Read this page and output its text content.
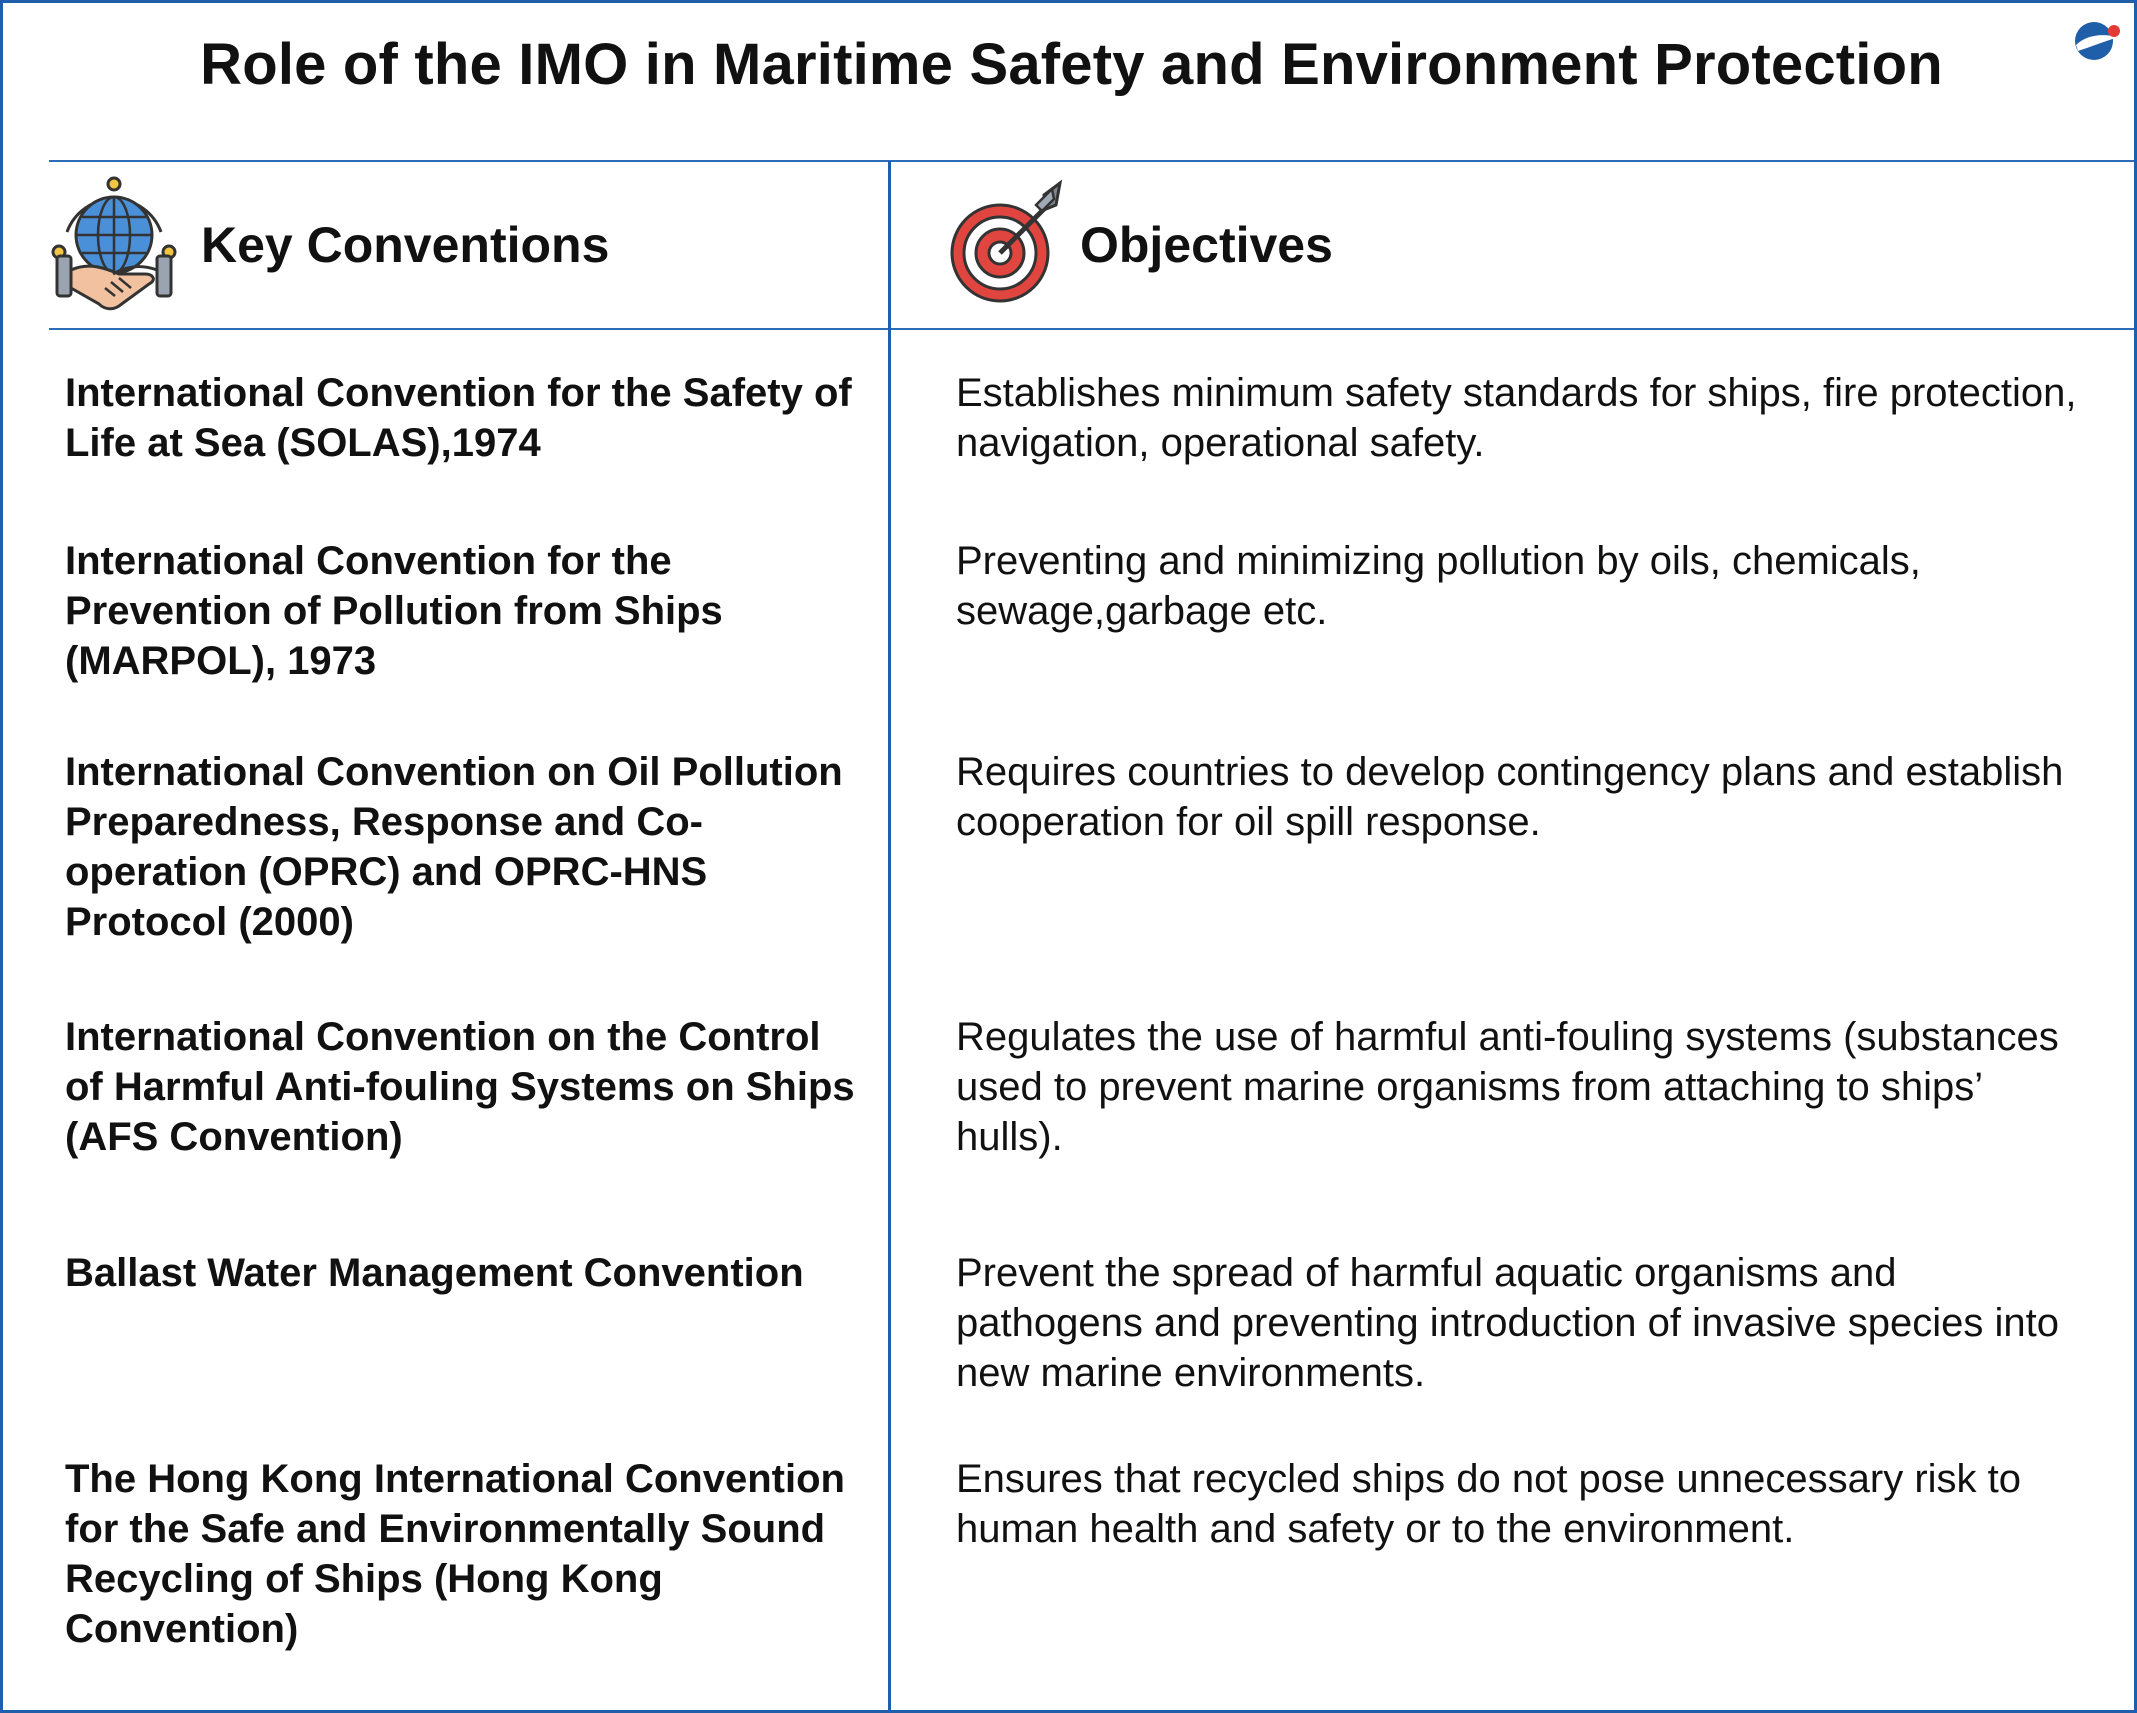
Role of the IMO in Maritime Safety and Environment Protection
Key Conventions	Objectives
International Convention for the Safety of Life at Sea (SOLAS),1974
Establishes minimum safety standards for ships, fire protection, navigation, operational safety.
International Convention for the Prevention of Pollution from Ships (MARPOL), 1973
Preventing and minimizing pollution by oils, chemicals, sewage,garbage etc.
International Convention on Oil Pollution Preparedness, Response and Co-operation (OPRC) and OPRC-HNS Protocol (2000)
Requires countries to develop contingency plans and establish cooperation for oil spill response.
International Convention on the Control of Harmful Anti-fouling Systems on Ships (AFS Convention)
Regulates the use of harmful anti-fouling systems (substances used to prevent marine organisms from attaching to ships’ hulls).
Ballast Water Management Convention	Prevent the spread of harmful aquatic organisms and pathogens and preventing introduction of invasive species into new marine environments.
The Hong Kong International Convention for the Safe and Environmentally Sound Recycling of Ships (Hong Kong Convention)
Ensures that recycled ships do not pose unnecessary risk to human health and safety or to the environment.
